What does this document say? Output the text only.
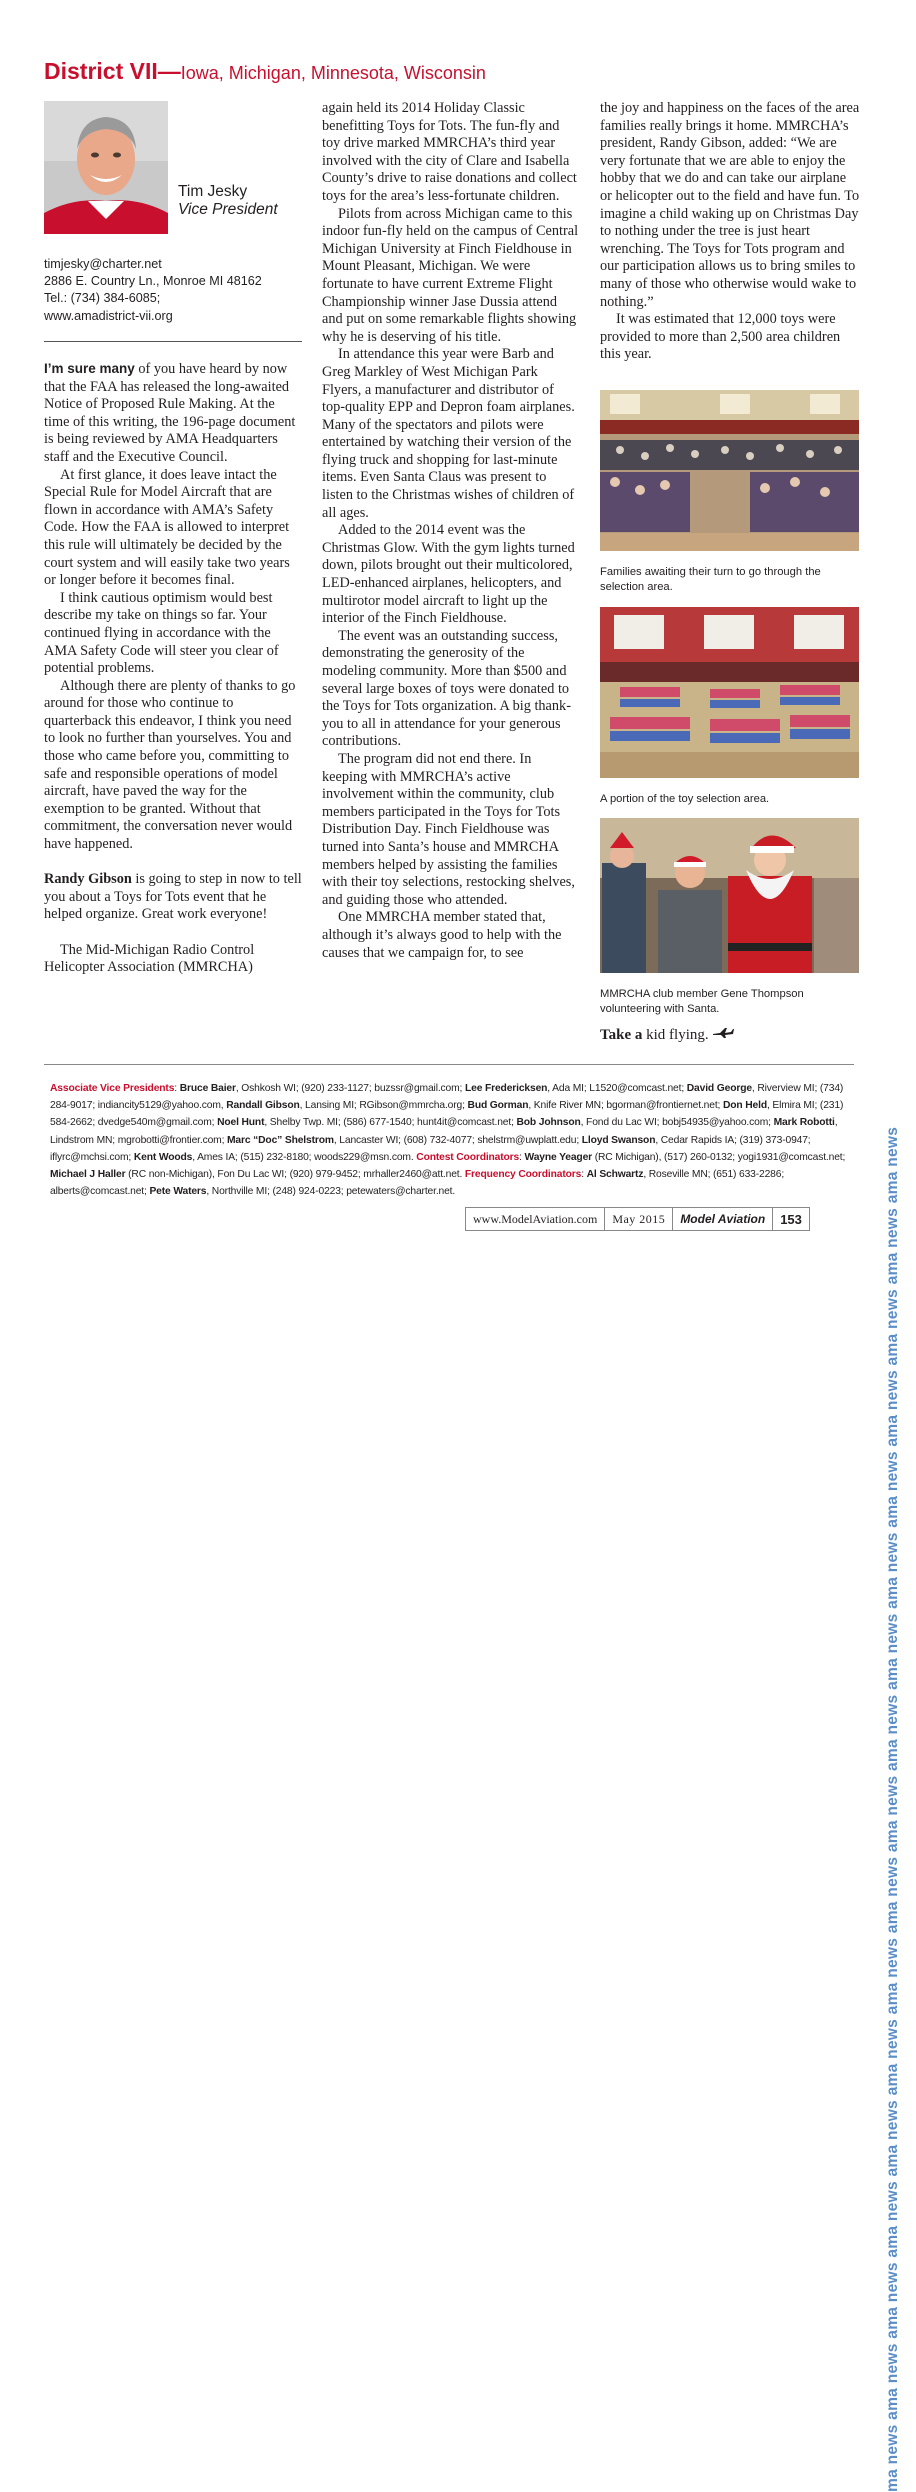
ma news ama news ama news ama news ama news ama news ama news ama news ama news ama news ama news ama news ama news ama news ama news ama news ama news
District VII—Iowa, Michigan, Minnesota, Wisconsin
Tim Jesky
Vice President
timjesky@charter.net
2886 E. Country Ln., Monroe MI 48162
Tel.: (734) 384-6085;
www.amadistrict-vii.org

I’m sure many of you have heard by now that the FAA has released the long-awaited Notice of Proposed Rule Making. At the time of this writing, the 196-page document is being reviewed by AMA Headquarters staff and the Executive Council.

At first glance, it does leave intact the Special Rule for Model Aircraft that are flown in accordance with AMA’s Safety Code. How the FAA is allowed to interpret this rule will ultimately be decided by the court system and will easily take two years or longer before it becomes final.

I think cautious optimism would best describe my take on things so far. Your continued flying in accordance with the AMA Safety Code will steer you clear of potential problems.

Although there are plenty of thanks to go around for those who continue to quarterback this endeavor, I think you need to look no further than yourselves. You and those who came before you, committing to safe and responsible operations of model aircraft, have paved the way for the exemption to be granted. Without that commitment, the conversation never would have happened.

Randy Gibson is going to step in now to tell you about a Toys for Tots event that he helped organize. Great work everyone!

The Mid-Michigan Radio Control Helicopter Association (MMRCHA)

again held its 2014 Holiday Classic benefitting Toys for Tots. The fun-fly and toy drive marked MMRCHA’s third year involved with the city of Clare and Isabella County’s drive to raise donations and collect toys for the area’s less-fortunate children.

Pilots from across Michigan came to this indoor fun-fly held on the campus of Central Michigan University at Finch Fieldhouse in Mount Pleasant, Michigan. We were fortunate to have current Extreme Flight Championship winner Jase Dussia attend and put on some remarkable flights showing why he is deserving of his title.

In attendance this year were Barb and Greg Markley of West Michigan Park Flyers, a manufacturer and distributor of top-quality EPP and Depron foam airplanes. Many of the spectators and pilots were entertained by watching their version of the flying truck and shopping for last-minute items. Even Santa Claus was present to listen to the Christmas wishes of children of all ages.

Added to the 2014 event was the Christmas Glow. With the gym lights turned down, pilots brought out their multicolored, LED-enhanced airplanes, helicopters, and multirotor model aircraft to light up the interior of the Finch Fieldhouse.

The event was an outstanding success, demonstrating the generosity of the modeling community. More than $500 and several large boxes of toys were donated to the Toys for Tots organization. A big thank-you to all in attendance for your generous contributions.

The program did not end there. In keeping with MMRCHA’s active involvement within the community, club members participated in the Toys for Tots Distribution Day. Finch Fieldhouse was turned into Santa’s house and MMRCHA members helped by assisting the families with their toy selections, restocking shelves, and guiding those who attended.

One MMRCHA member stated that, although it’s always good to help with the causes that we campaign for, to see

the joy and happiness on the faces of the area families really brings it home. MMRCHA’s president, Randy Gibson, added: “We are very fortunate that we are able to enjoy the hobby that we do and can take our airplane or helicopter out to the field and have fun. To imagine a child waking up on Christmas Day to nothing under the tree is just heart wrenching. The Toys for Tots program and our participation allows us to bring smiles to many of those who otherwise would wake to nothing.”

It was estimated that 12,000 toys were provided to more than 2,500 area children this year.

Families awaiting their turn to go through the selection area.
A portion of the toy selection area.
MMRCHA club member Gene Thompson volunteering with Santa.
Take a kid flying.
Associate Vice Presidents: Bruce Baier, Oshkosh WI; (920) 233-1127; buzssr@gmail.com; Lee Fredericksen, Ada MI; L1520@comcast.net; David George, Riverview MI; (734) 284-9017; indiancity5129@yahoo.com, Randall Gibson, Lansing MI; RGibson@mmrcha.org; Bud Gorman, Knife River MN; bgorman@frontiernet.net; Don Held, Elmira MI; (231) 584-2662; dvedge540m@gmail.com; Noel Hunt, Shelby Twp. MI; (586) 677-1540; hunt4it@comcast.net; Bob Johnson, Fond du Lac WI; bobj54935@yahoo.com; Mark Robotti, Lindstrom MN; mgrobotti@frontier.com; Marc “Doc” Shelstrom, Lancaster WI; (608) 732-4077; shelstrm@uwplatt.edu; Lloyd Swanson, Cedar Rapids IA; (319) 373-0947; iflyrc@mchsi.com; Kent Woods, Ames IA; (515) 232-8180; woods229@msn.com. Contest Coordinators: Wayne Yeager (RC Michigan), (517) 260-0132; yogi1931@comcast.net; Michael J Haller (RC non-Michigan), Fon Du Lac WI; (920) 979-9452; mrhaller2460@att.net. Frequency Coordinators: Al Schwartz, Roseville MN; (651) 633-2286; alberts@comcast.net; Pete Waters, Northville MI; (248) 924-0223; petewaters@charter.net.
www.ModelAviation.com	May 2015	Model Aviation	153
